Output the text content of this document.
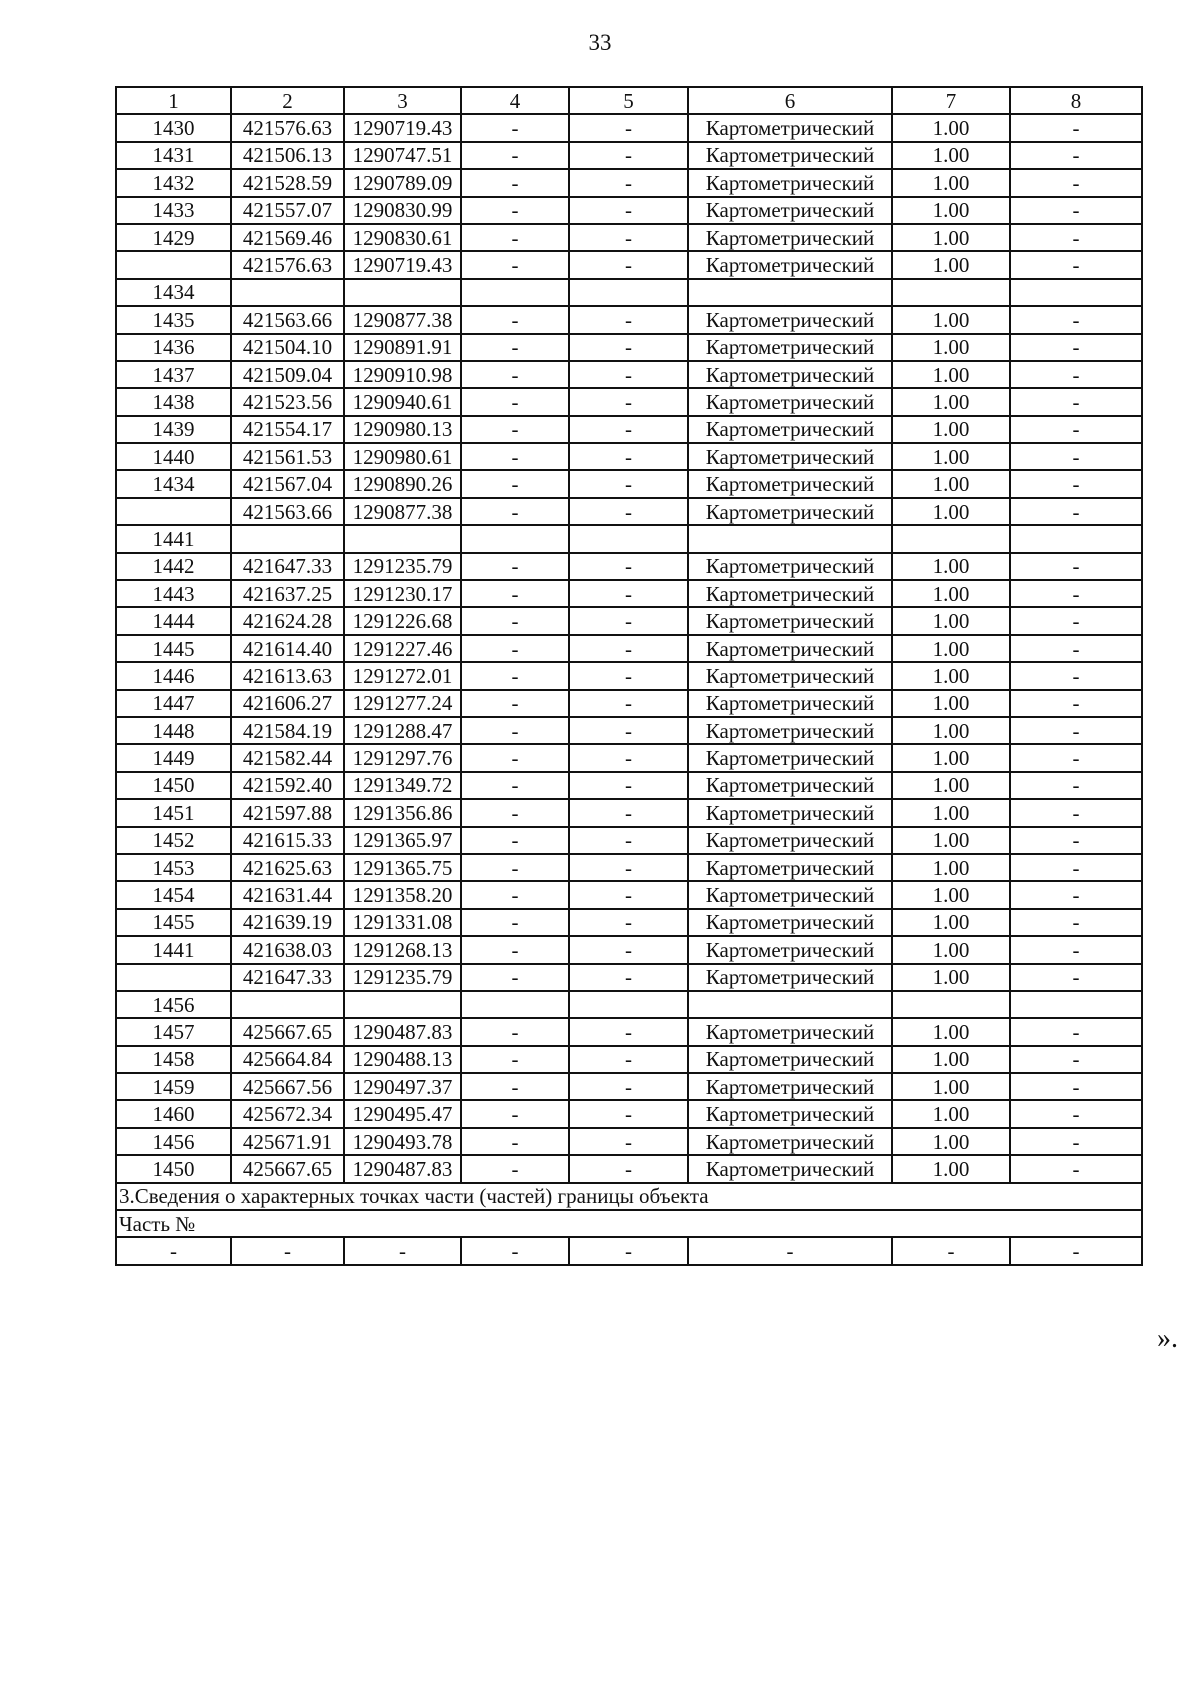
33
1	2	3	4	5	6	7	8
1430	421576.63	1290719.43	-	-	Картометрический	1.00	-
1431	421506.13	1290747.51	-	-	Картометрический	1.00	-
1432	421528.59	1290789.09	-	-	Картометрический	1.00	-
1433	421557.07	1290830.99	-	-	Картометрический	1.00	-
1429	421569.46	1290830.61	-	-	Картометрический	1.00	-
	421576.63	1290719.43	-	-	Картометрический	1.00	-
1434							
1435	421563.66	1290877.38	-	-	Картометрический	1.00	-
1436	421504.10	1290891.91	-	-	Картометрический	1.00	-
1437	421509.04	1290910.98	-	-	Картометрический	1.00	-
1438	421523.56	1290940.61	-	-	Картометрический	1.00	-
1439	421554.17	1290980.13	-	-	Картометрический	1.00	-
1440	421561.53	1290980.61	-	-	Картометрический	1.00	-
1434	421567.04	1290890.26	-	-	Картометрический	1.00	-
	421563.66	1290877.38	-	-	Картометрический	1.00	-
1441							
1442	421647.33	1291235.79	-	-	Картометрический	1.00	-
1443	421637.25	1291230.17	-	-	Картометрический	1.00	-
1444	421624.28	1291226.68	-	-	Картометрический	1.00	-
1445	421614.40	1291227.46	-	-	Картометрический	1.00	-
1446	421613.63	1291272.01	-	-	Картометрический	1.00	-
1447	421606.27	1291277.24	-	-	Картометрический	1.00	-
1448	421584.19	1291288.47	-	-	Картометрический	1.00	-
1449	421582.44	1291297.76	-	-	Картометрический	1.00	-
1450	421592.40	1291349.72	-	-	Картометрический	1.00	-
1451	421597.88	1291356.86	-	-	Картометрический	1.00	-
1452	421615.33	1291365.97	-	-	Картометрический	1.00	-
1453	421625.63	1291365.75	-	-	Картометрический	1.00	-
1454	421631.44	1291358.20	-	-	Картометрический	1.00	-
1455	421639.19	1291331.08	-	-	Картометрический	1.00	-
1441	421638.03	1291268.13	-	-	Картометрический	1.00	-
	421647.33	1291235.79	-	-	Картометрический	1.00	-
1456							
1457	425667.65	1290487.83	-	-	Картометрический	1.00	-
1458	425664.84	1290488.13	-	-	Картометрический	1.00	-
1459	425667.56	1290497.37	-	-	Картометрический	1.00	-
1460	425672.34	1290495.47	-	-	Картометрический	1.00	-
1456	425671.91	1290493.78	-	-	Картометрический	1.00	-
1450	425667.65	1290487.83	-	-	Картометрический	1.00	-
3.Сведения о характерных точках части (частей) границы объекта							
Часть №							
-	-	-	-	-	-	-	-
».
